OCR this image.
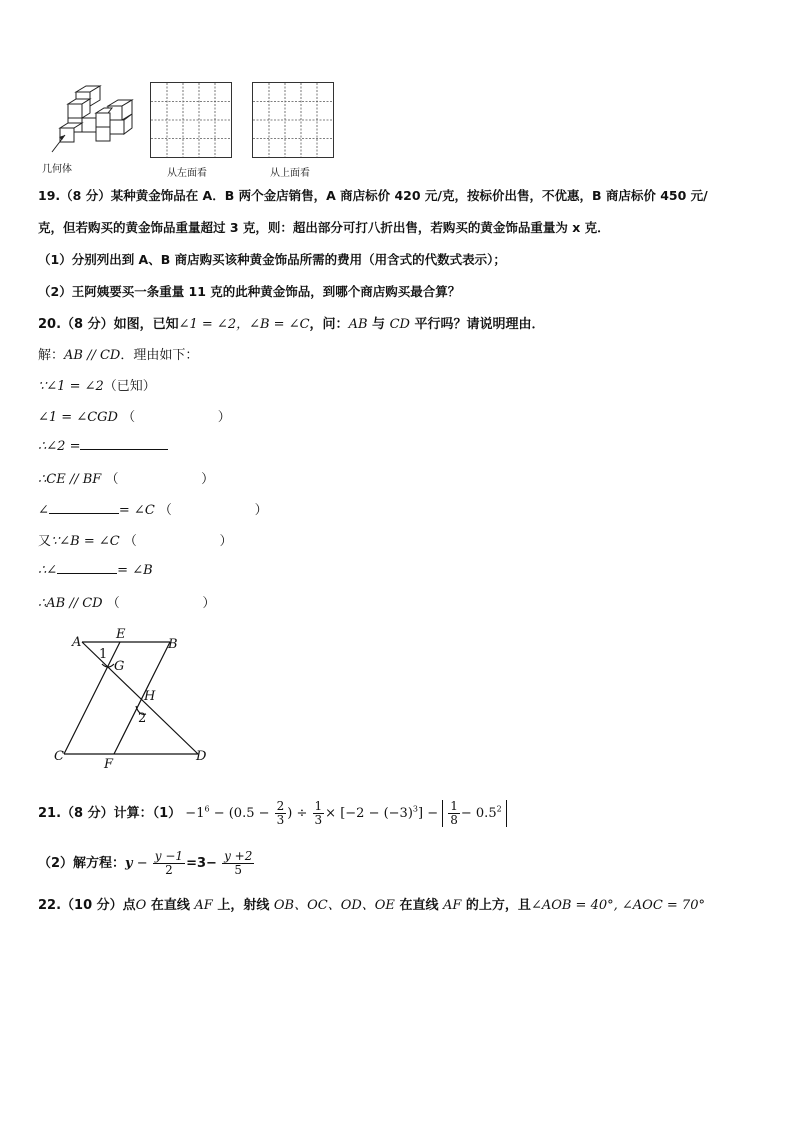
几何体	从左面看	从上面看
19.（8 分）某种黄金饰品在 A．B 两个金店销售，A 商店标价 420 元/克，按标价出售，不优惠，B 商店标价 450 元/
克，但若购买的黄金饰品重量超过 3 克，则：超出部分可打八折出售，若购买的黄金饰品重量为 x 克．
（1）分别列出到 A、B 商店购买该种黄金饰品所需的费用（用含式的代数式表示）；
（2）王阿姨要买一条重量 11 克的此种黄金饰品，到哪个商店购买最合算？
20.（8 分）如图，已知∠1 = ∠2，∠B = ∠C，问：AB 与 CD 平行吗？请说明理由．
解：AB // CD．理由如下：
∵∠1 = ∠2（已知）
∠1 = ∠CGD （                    ）
∴∠2 =
∴CE // BF （                    ）
∠	= ∠C （                    ）
又∵∠B = ∠C （                    ）
∴∠	= ∠B
∴AB // CD （                    ）
A
E
B
G
1
H
2
C
F
D
21.（8 分）计算：$(1) -1^6 - (0.5 - \frac{2}{3}$ ) ÷ $\frac{1}{3} \times [-2 - (-3)^3] - \frac{1}{8} - 0.5^2$
（2）解方程：$y - \frac{y -1}{2} =3- \frac{y +2}{5}$
22.（10 分）点O 在直线 AF 上，射线 OB、OC、OD、OE 在直线 AF 的上方，且∠AOB = 40°, ∠AOC = 70°
